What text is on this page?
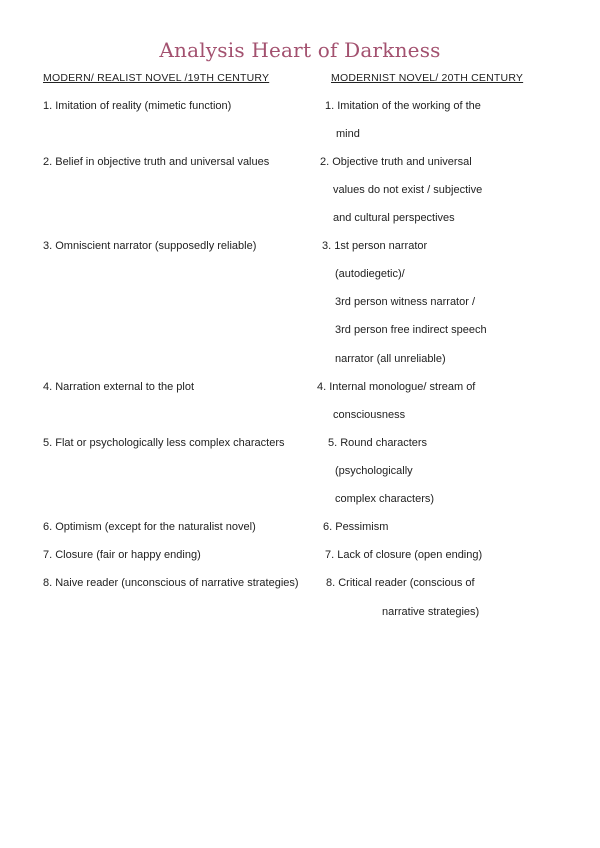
Analysis Heart of Darkness
MODERN/ REALIST NOVEL /19TH CENTURY	MODERNIST NOVEL/ 20TH CENTURY
1. Imitation of reality (mimetic function)
2. Belief in objective truth and universal values
3. Omniscient narrator (supposedly reliable)
4. Narration external to the plot
5. Flat or psychologically less complex characters
6. Optimism (except for the naturalist novel)
7. Closure (fair or happy ending)
8. Naive reader (unconscious of narrative strategies)
1. Imitation of the working of the
mind
2. Objective truth and universal
values do not exist / subjective
and cultural perspectives
3. 1st person narrator
(autodiegetic)/
3rd person witness narrator /
3rd person free indirect speech
narrator (all unreliable)
4. Internal monologue/ stream of
consciousness
5. Round characters
(psychologically
complex characters)
6. Pessimism
7. Lack of closure (open ending)
8. Critical reader (conscious of
narrative strategies)
